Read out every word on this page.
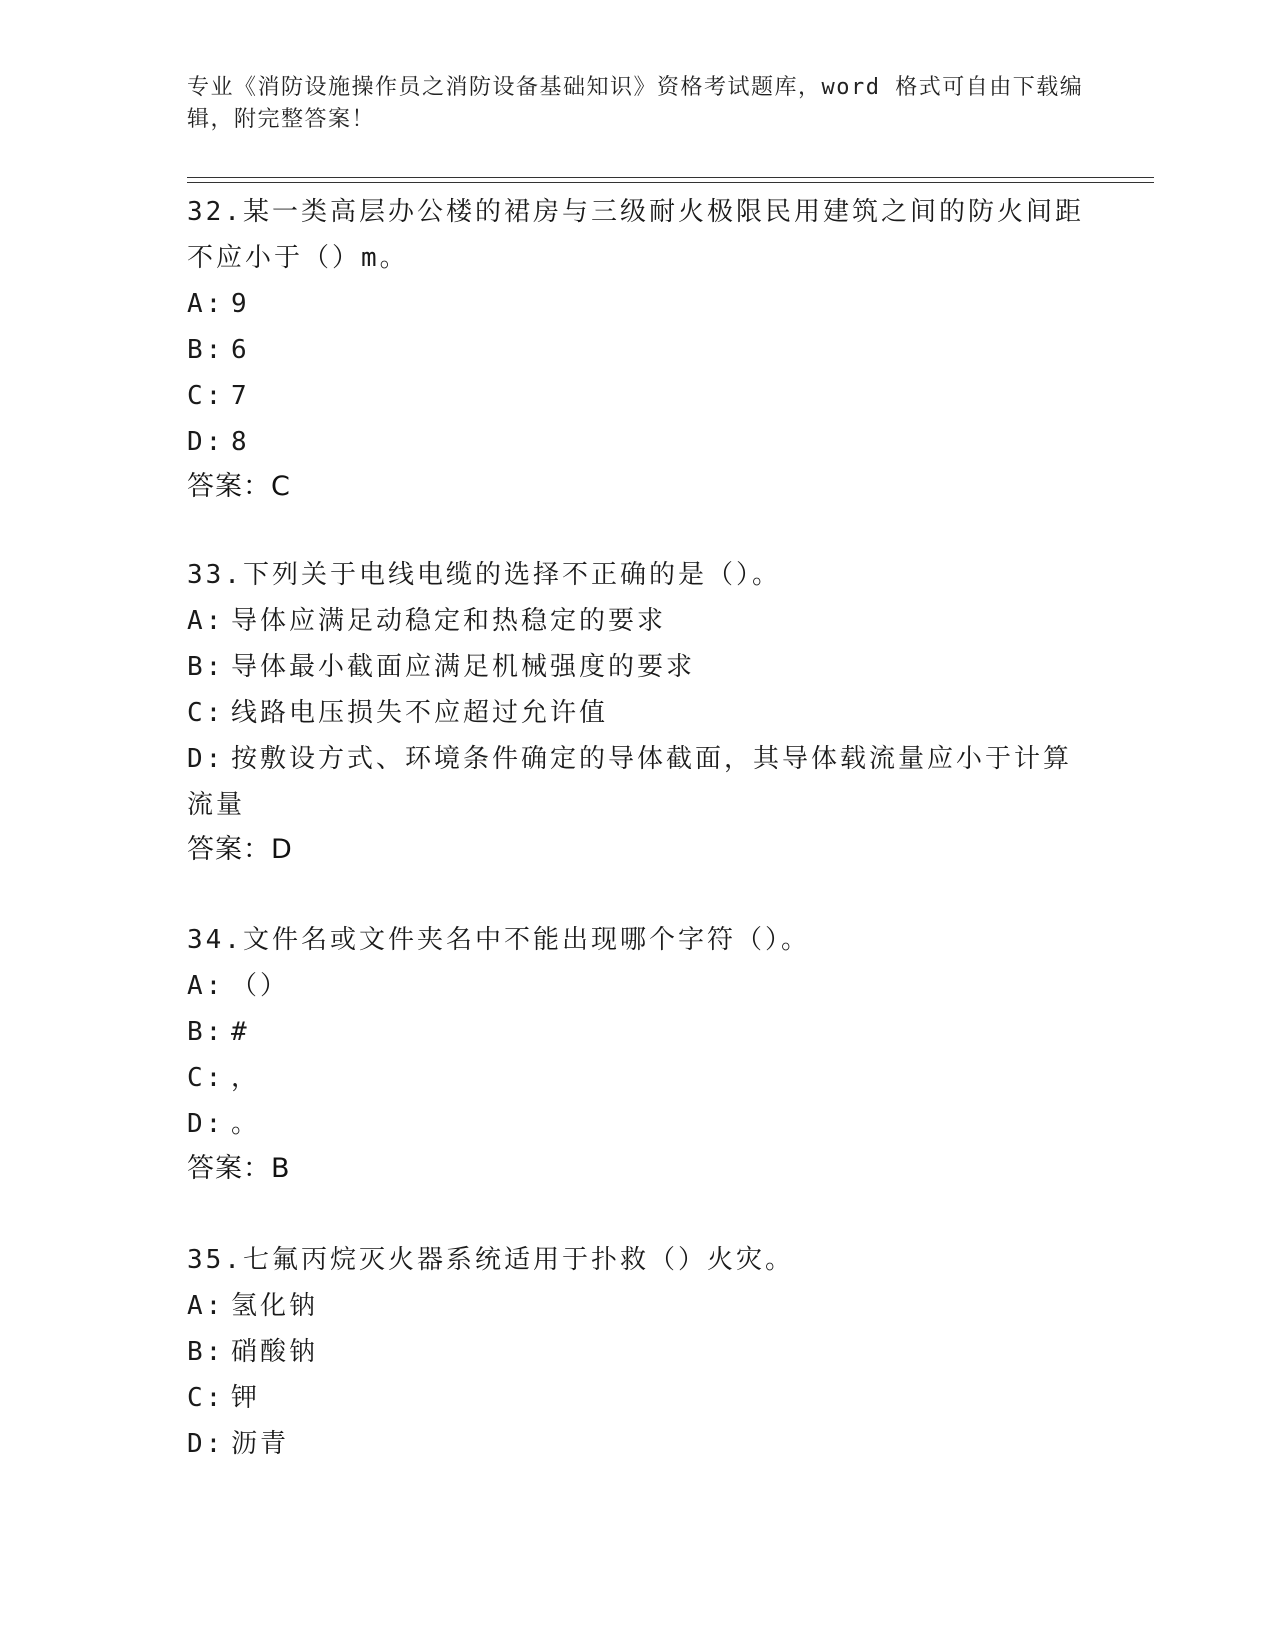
专业《消防设施操作员之消防设备基础知识》资格考试题库，word 格式可自由下载编辑，附完整答案！

32.某一类高层办公楼的裙房与三级耐火极限民用建筑之间的防火间距不应小于（）m。

A: 9

B: 6

C: 7

D: 8

答案：C

33.下列关于电线电缆的选择不正确的是（）。

A: 导体应满足动稳定和热稳定的要求

B: 导体最小截面应满足机械强度的要求

C: 线路电压损失不应超过允许值

D: 按敷设方式、环境条件确定的导体截面，其导体载流量应小于计算流量

答案：D

34.文件名或文件夹名中不能出现哪个字符（）。

A: （）

B: #

C: ，

D: 。

答案：B

35.七氟丙烷灭火器系统适用于扑救（）火灾。

A: 氢化钠

B: 硝酸钠

C: 钾

D: 沥青
